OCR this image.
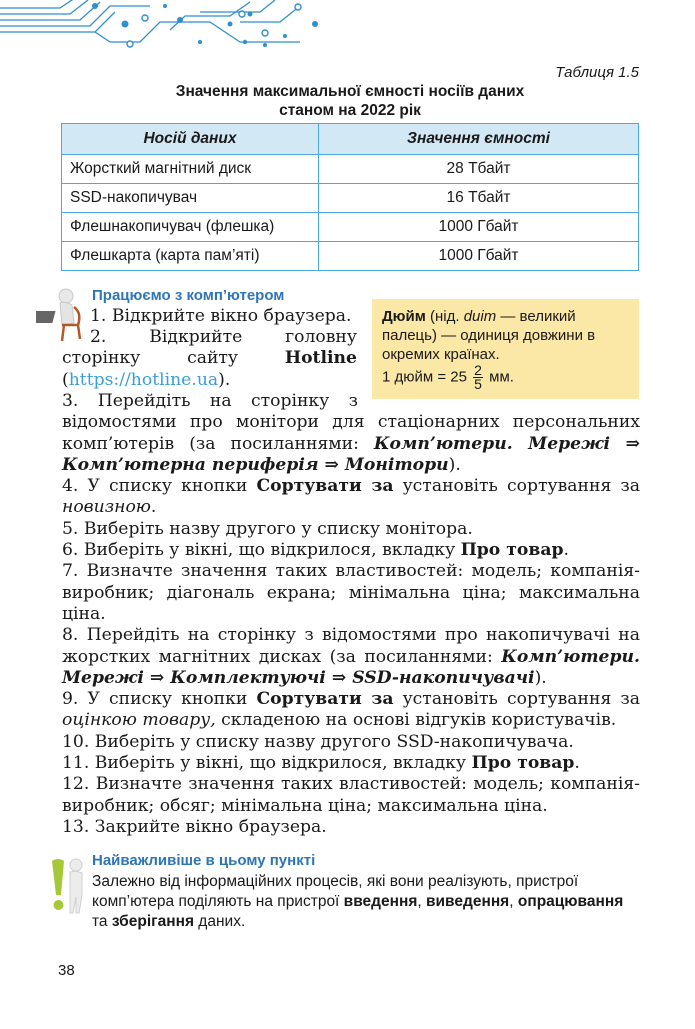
Таблиця 1.5
Значення максимальної ємності носіїв даних
станом на 2022 рік
Носій даних	Значення ємності
Жорсткий магнітний диск	28 Тбайт
SSD-накопичувач	16 Тбайт
Флешнакопичувач (флешка)	1000 Гбайт
Флешкарта (карта пам’яті)	1000 Гбайт
Працюємо з комп’ютером
Дюйм (нід. duim — великий палець) — одиниця довжини в окремих країнах.
1 дюйм = $25 \frac{2}{5}$ мм.

1. Відкрийте вікно браузера.

2. Відкрийте головну сторінку сайту Hotline (https://hotline.ua).

3. Перейдіть на сторінку з відомостями про монітори для стаціонарних персональних комп’ютерів (за посиланнями: Комп’ютери. Мережі ⇒ Комп’ютерна периферія ⇒ Монітори).

4. У списку кнопки Сортувати за установіть сортування за новизною.

5. Виберіть назву другого у списку монітора.

6. Виберіть у вікні, що відкрилося, вкладку Про товар.

7. Визначте значення таких властивостей: модель; компанія-виробник; діагональ екрана; мінімальна ціна; максимальна ціна.

8. Перейдіть на сторінку з відомостями про накопичувачі на жорстких магнітних дисках (за посиланнями: Комп’ютери. Мережі ⇒ Комплектуючі ⇒ SSD-накопичувачі).

9. У списку кнопки Сортувати за установіть сортування за оцінкою товару, складеною на основі відгуків користувачів.

10. Виберіть у списку назву другого SSD-накопичувача.

11. Виберіть у вікні, що відкрилося, вкладку Про товар.

12. Визначте значення таких властивостей: модель; компанія-виробник; обсяг; мінімальна ціна; максимальна ціна.

13. Закрийте вікно браузера.

Найважливіше в цьому пункті
Залежно від інформаційних процесів, які вони реалізують, пристрої комп’ютера поділяють на пристрої введення, виведення, опрацювання та зберігання даних.
38
